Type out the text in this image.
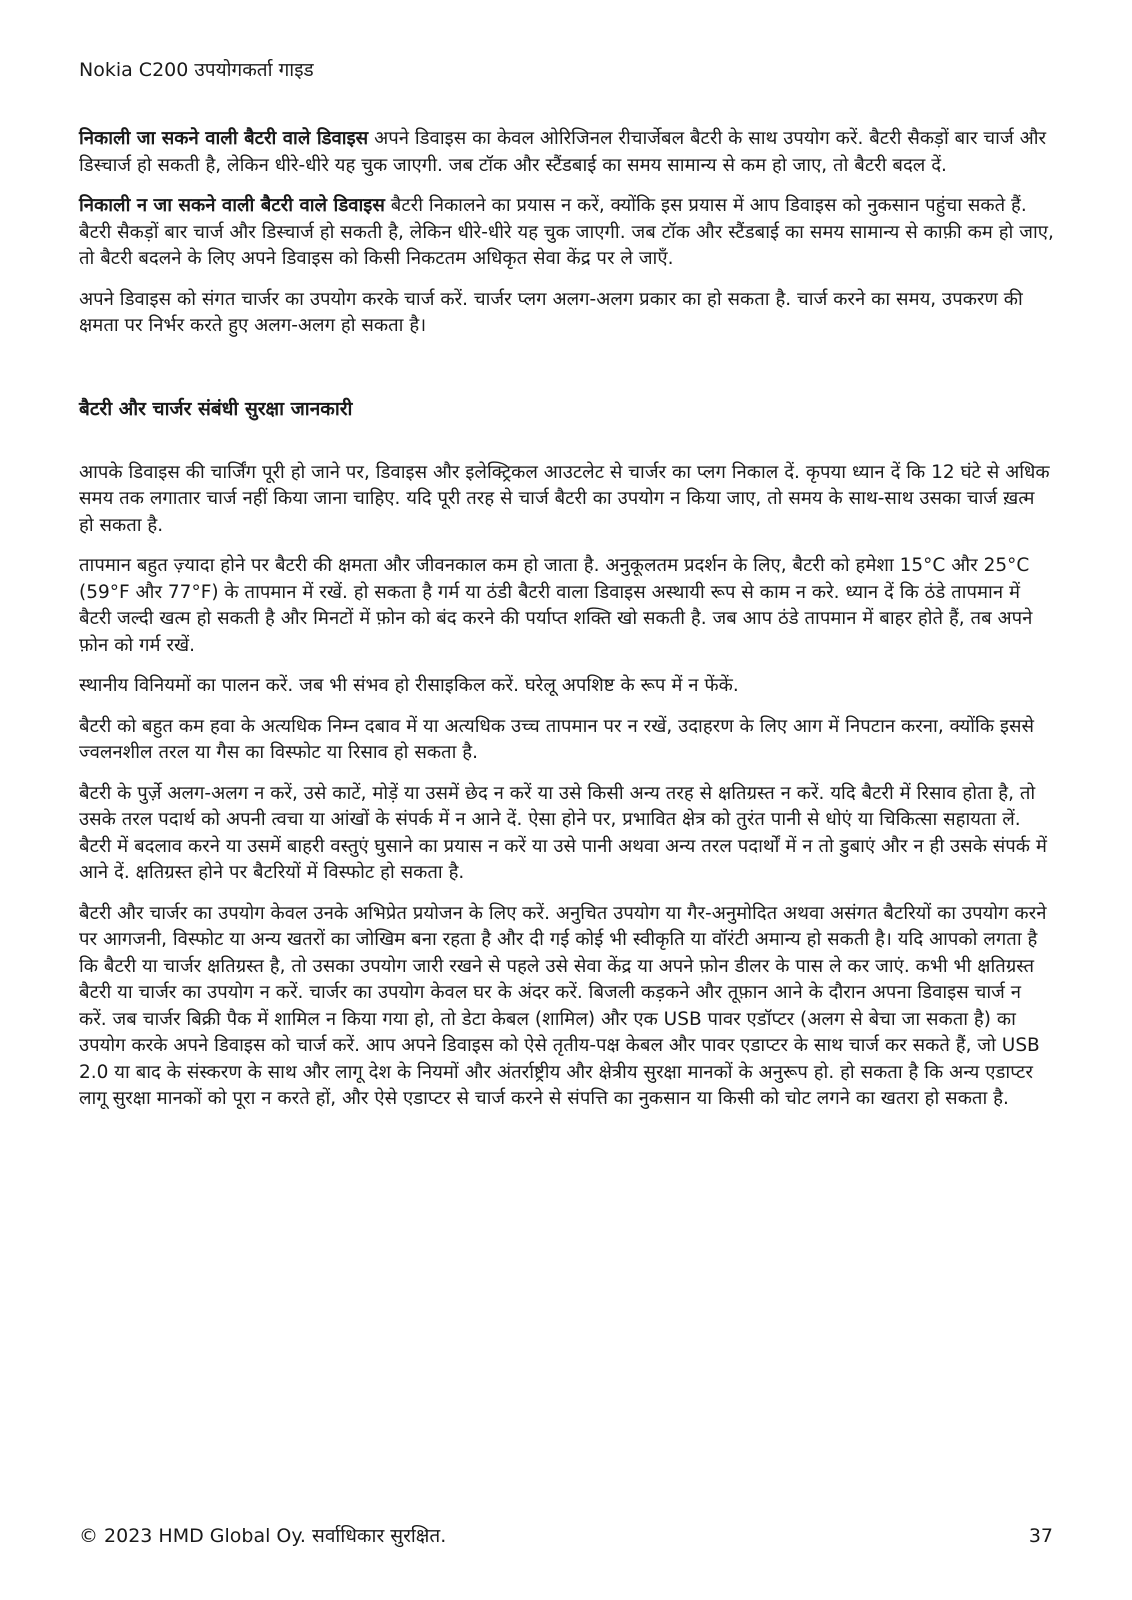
Nokia C200 उपयोगकर्ता गाइड

निकाली जा सकने वाली बैटरी वाले डिवाइस अपने डिवाइस का केवल ओरिजिनल रीचार्जेबल बैटरी के साथ उपयोग करें. बैटरी सैकड़ों बार चार्ज और डिस्चार्ज हो सकती है, लेकिन धीरे-धीरे यह चुक जाएगी. जब टॉक और स्टैंडबाई का समय सामान्य से कम हो जाए, तो बैटरी बदल दें.

निकाली न जा सकने वाली बैटरी वाले डिवाइस बैटरी निकालने का प्रयास न करें, क्योंकि इस प्रयास में आप डिवाइस को नुकसान पहुंचा सकते हैं. बैटरी सैकड़ों बार चार्ज और डिस्चार्ज हो सकती है, लेकिन धीरे-धीरे यह चुक जाएगी. जब टॉक और स्टैंडबाई का समय सामान्य से काफ़ी कम हो जाए, तो बैटरी बदलने के लिए अपने डिवाइस को किसी निकटतम अधिकृत सेवा केंद्र पर ले जाएँ.

अपने डिवाइस को संगत चार्जर का उपयोग करके चार्ज करें. चार्जर प्लग अलग-अलग प्रकार का हो सकता है. चार्ज करने का समय, उपकरण की क्षमता पर निर्भर करते हुए अलग-अलग हो सकता है।

बैटरी और चार्जर संबंधी सुरक्षा जानकारी

आपके डिवाइस की चार्जिंग पूरी हो जाने पर, डिवाइस और इलेक्ट्रिकल आउटलेट से चार्जर का प्लग निकाल दें. कृपया ध्यान दें कि 12 घंटे से अधिक समय तक लगातार चार्ज नहीं किया जाना चाहिए. यदि पूरी तरह से चार्ज बैटरी का उपयोग न किया जाए, तो समय के साथ-साथ उसका चार्ज ख़त्म हो सकता है.

तापमान बहुत ज़्यादा होने पर बैटरी की क्षमता और जीवनकाल कम हो जाता है. अनुकूलतम प्रदर्शन के लिए, बैटरी को हमेशा 15°C और 25°C (59°F और 77°F) के तापमान में रखें. हो सकता है गर्म या ठंडी बैटरी वाला डिवाइस अस्थायी रूप से काम न करे. ध्यान दें कि ठंडे तापमान में बैटरी जल्दी खत्म हो सकती है और मिनटों में फ़ोन को बंद करने की पर्याप्त शक्ति खो सकती है. जब आप ठंडे तापमान में बाहर होते हैं, तब अपने फ़ोन को गर्म रखें.

स्थानीय विनियमों का पालन करें. जब भी संभव हो रीसाइकिल करें. घरेलू अपशिष्ट के रूप में न फेंकें.

बैटरी को बहुत कम हवा के अत्यधिक निम्न दबाव में या अत्यधिक उच्च तापमान पर न रखें, उदाहरण के लिए आग में निपटान करना, क्योंकि इससे ज्वलनशील तरल या गैस का विस्फोट या रिसाव हो सकता है.

बैटरी के पुर्ज़े अलग-अलग न करें, उसे काटें, मोड़ें या उसमें छेद न करें या उसे किसी अन्य तरह से क्षतिग्रस्त न करें. यदि बैटरी में रिसाव होता है, तो उसके तरल पदार्थ को अपनी त्वचा या आंखों के संपर्क में न आने दें. ऐसा होने पर, प्रभावित क्षेत्र को तुरंत पानी से धोएं या चिकित्सा सहायता लें. बैटरी में बदलाव करने या उसमें बाहरी वस्तुएं घुसाने का प्रयास न करें या उसे पानी अथवा अन्य तरल पदार्थों में न तो डुबाएं और न ही उसके संपर्क में आने दें. क्षतिग्रस्त होने पर बैटरियों में विस्फोट हो सकता है.

बैटरी और चार्जर का उपयोग केवल उनके अभिप्रेत प्रयोजन के लिए करें. अनुचित उपयोग या गैर-अनुमोदित अथवा असंगत बैटरियों का उपयोग करने पर आगजनी, विस्फोट या अन्य खतरों का जोखिम बना रहता है और दी गई कोई भी स्वीकृति या वॉरंटी अमान्य हो सकती है। यदि आपको लगता है कि बैटरी या चार्जर क्षतिग्रस्त है, तो उसका उपयोग जारी रखने से पहले उसे सेवा केंद्र या अपने फ़ोन डीलर के पास ले कर जाएं. कभी भी क्षतिग्रस्त बैटरी या चार्जर का उपयोग न करें. चार्जर का उपयोग केवल घर के अंदर करें. बिजली कड़कने और तूफ़ान आने के दौरान अपना डिवाइस चार्ज न करें. जब चार्जर बिक्री पैक में शामिल न किया गया हो, तो डेटा केबल (शामिल) और एक USB पावर एडॉप्टर (अलग से बेचा जा सकता है) का उपयोग करके अपने डिवाइस को चार्ज करें. आप अपने डिवाइस को ऐसे तृतीय-पक्ष केबल और पावर एडाप्टर के साथ चार्ज कर सकते हैं, जो USB 2.0 या बाद के संस्करण के साथ और लागू देश के नियमों और अंतर्राष्ट्रीय और क्षेत्रीय सुरक्षा मानकों के अनुरूप हो. हो सकता है कि अन्य एडाप्टर लागू सुरक्षा मानकों को पूरा न करते हों, और ऐसे एडाप्टर से चार्ज करने से संपत्ति का नुकसान या किसी को चोट लगने का खतरा हो सकता है.

© 2023 HMD Global Oy. सर्वाधिकार सुरक्षित.	37
